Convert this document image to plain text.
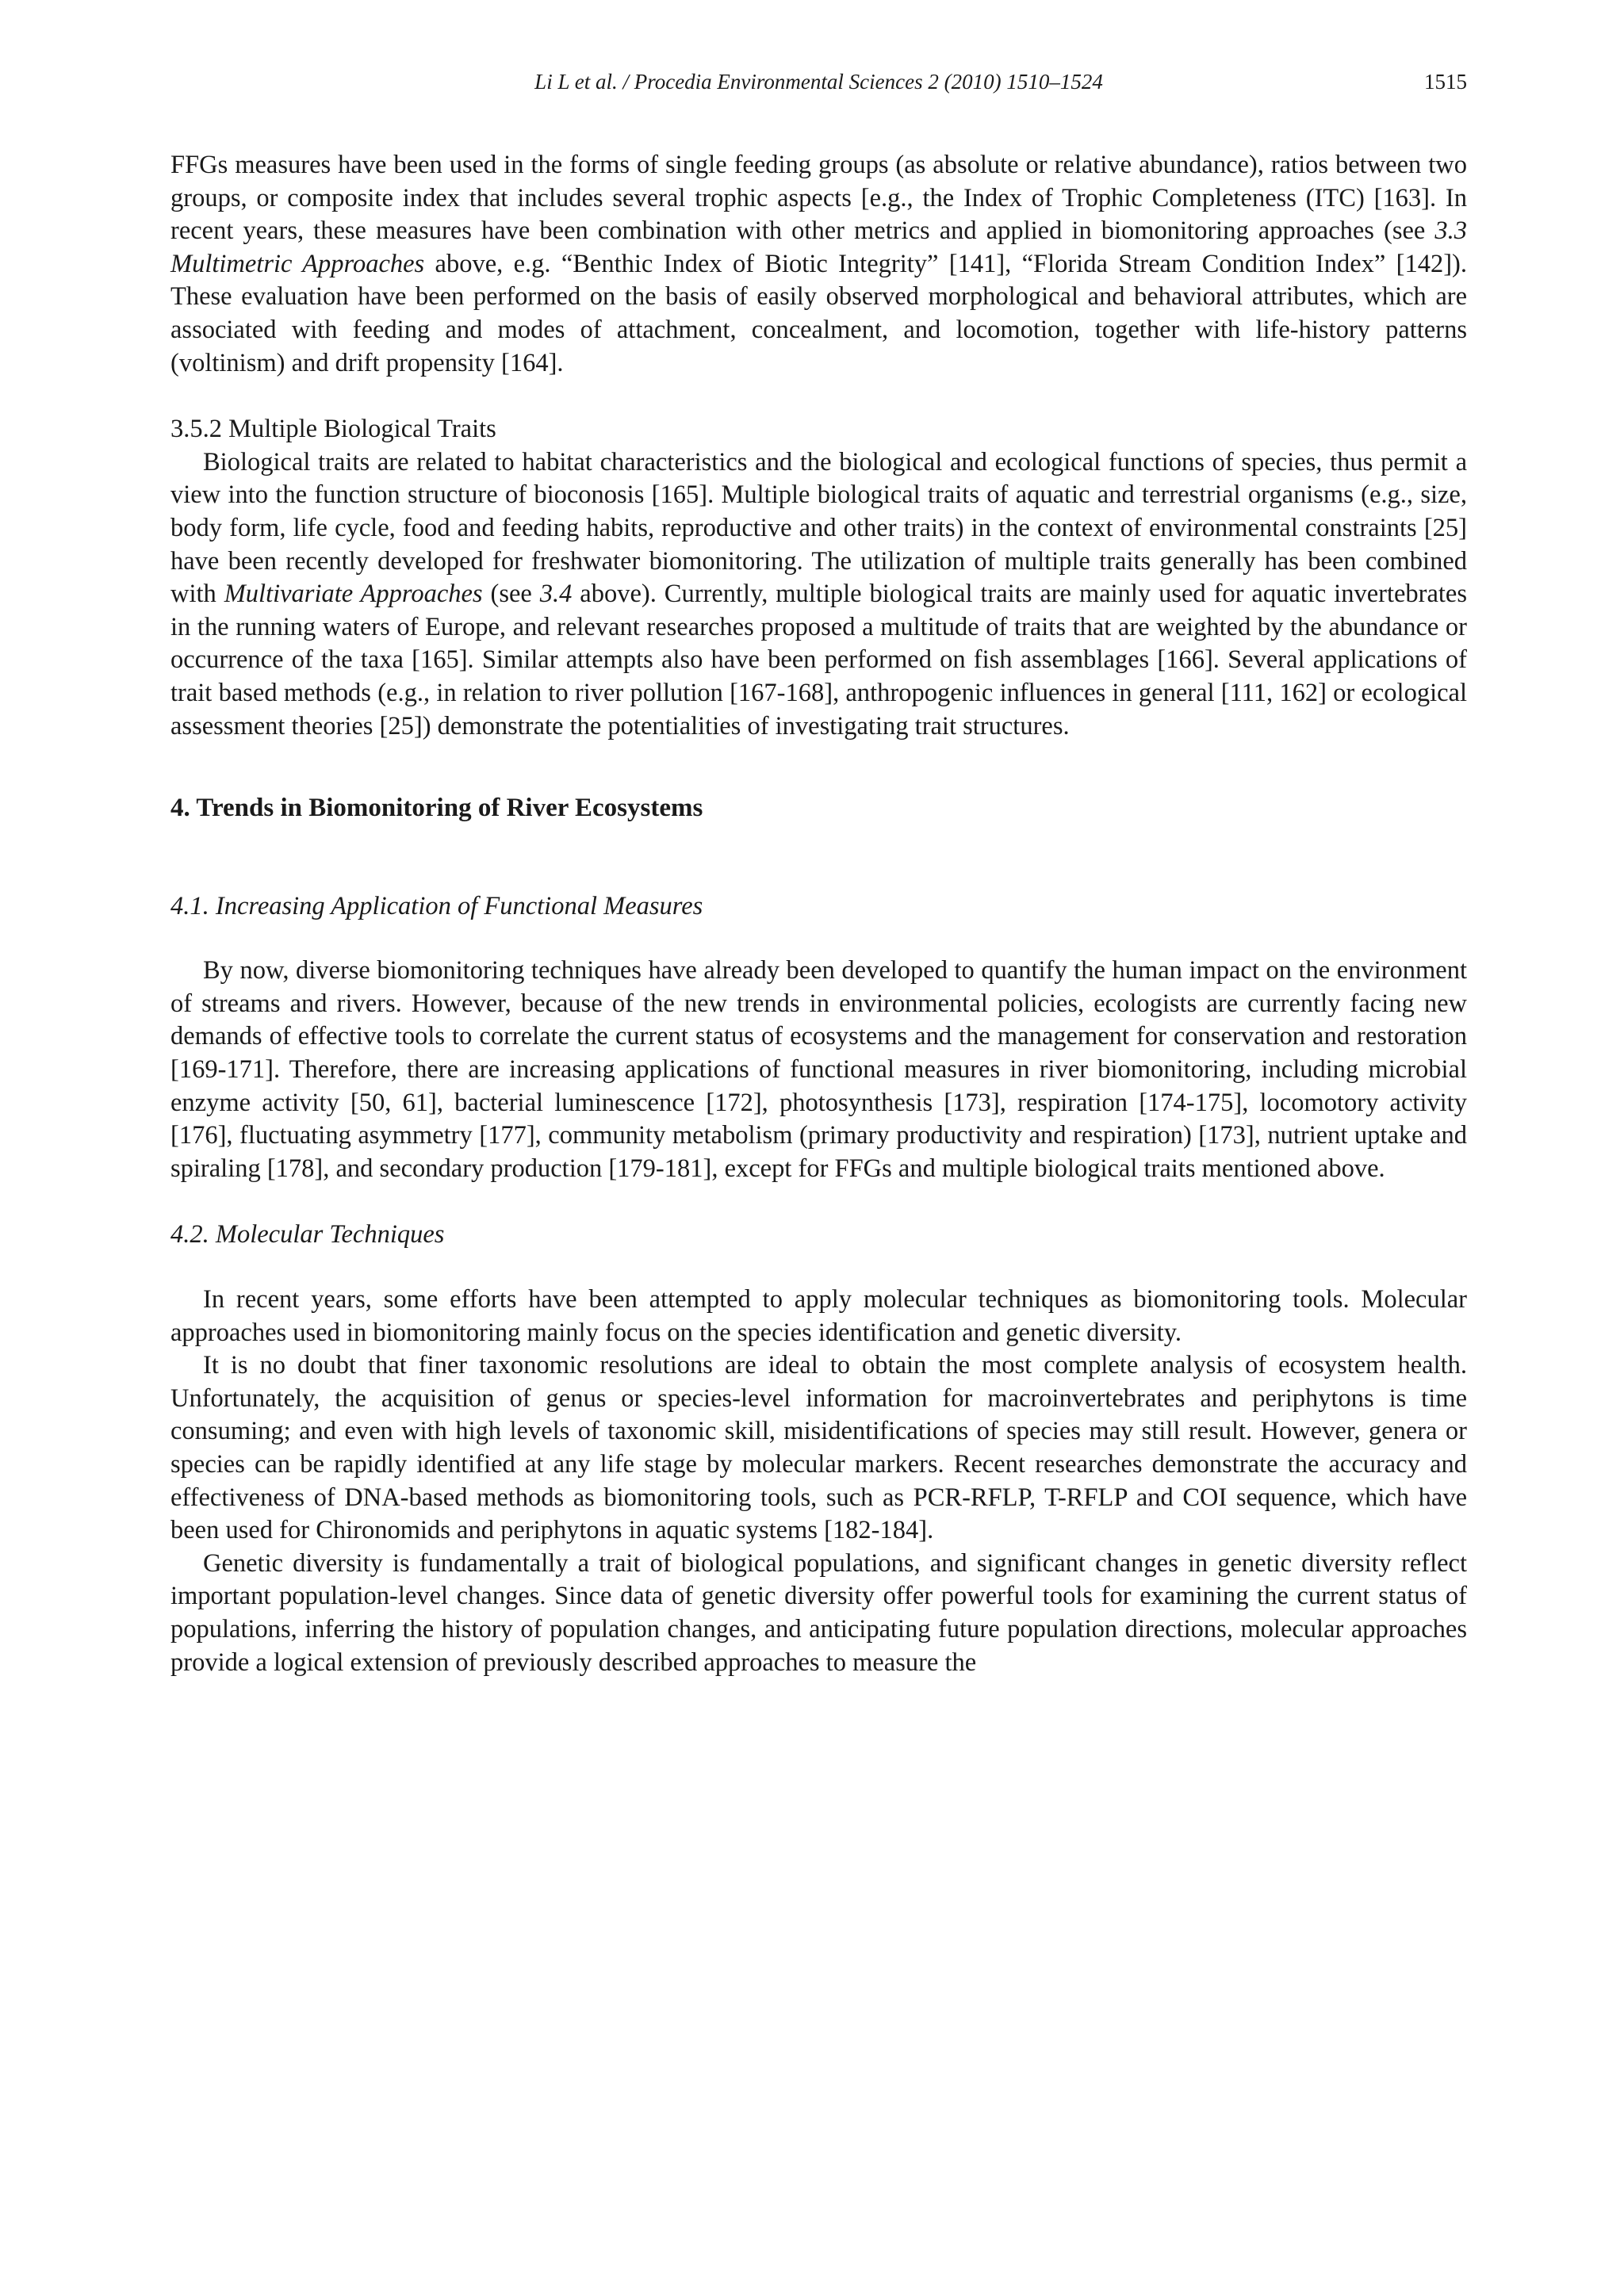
Li L et al. / Procedia Environmental Sciences 2 (2010) 1510–1524	1515

FFGs measures have been used in the forms of single feeding groups (as absolute or relative abundance), ratios between two groups, or composite index that includes several trophic aspects [e.g., the Index of Trophic Completeness (ITC) [163]. In recent years, these measures have been combination with other metrics and applied in biomonitoring approaches (see 3.3 Multimetric Approaches above, e.g. “Benthic Index of Biotic Integrity” [141], “Florida Stream Condition Index” [142]). These evaluation have been performed on the basis of easily observed morphological and behavioral attributes, which are associated with feeding and modes of attachment, concealment, and locomotion, together with life-history patterns (voltinism) and drift propensity [164].

3.5.2 Multiple Biological Traits

Biological traits are related to habitat characteristics and the biological and ecological functions of species, thus permit a view into the function structure of bioconosis [165]. Multiple biological traits of aquatic and terrestrial organisms (e.g., size, body form, life cycle, food and feeding habits, reproductive and other traits) in the context of environmental constraints [25] have been recently developed for freshwater biomonitoring. The utilization of multiple traits generally has been combined with Multivariate Approaches (see 3.4 above). Currently, multiple biological traits are mainly used for aquatic invertebrates in the running waters of Europe, and relevant researches proposed a multitude of traits that are weighted by the abundance or occurrence of the taxa [165]. Similar attempts also have been performed on fish assemblages [166]. Several applications of trait based methods (e.g., in relation to river pollution [167-168], anthropogenic influences in general [111, 162] or ecological assessment theories [25]) demonstrate the potentialities of investigating trait structures.

4. Trends in Biomonitoring of River Ecosystems

4.1. Increasing Application of Functional Measures

By now, diverse biomonitoring techniques have already been developed to quantify the human impact on the environment of streams and rivers. However, because of the new trends in environmental policies, ecologists are currently facing new demands of effective tools to correlate the current status of ecosystems and the management for conservation and restoration [169-171]. Therefore, there are increasing applications of functional measures in river biomonitoring, including microbial enzyme activity [50, 61], bacterial luminescence [172], photosynthesis [173], respiration [174-175], locomotory activity [176], fluctuating asymmetry [177], community metabolism (primary productivity and respiration) [173], nutrient uptake and spiraling [178], and secondary production [179-181], except for FFGs and multiple biological traits mentioned above.

4.2. Molecular Techniques

In recent years, some efforts have been attempted to apply molecular techniques as biomonitoring tools. Molecular approaches used in biomonitoring mainly focus on the species identification and genetic diversity.

It is no doubt that finer taxonomic resolutions are ideal to obtain the most complete analysis of ecosystem health. Unfortunately, the acquisition of genus or species-level information for macroinvertebrates and periphytons is time consuming; and even with high levels of taxonomic skill, misidentifications of species may still result. However, genera or species can be rapidly identified at any life stage by molecular markers. Recent researches demonstrate the accuracy and effectiveness of DNA-based methods as biomonitoring tools, such as PCR-RFLP, T-RFLP and COI sequence, which have been used for Chironomids and periphytons in aquatic systems [182-184].

Genetic diversity is fundamentally a trait of biological populations, and significant changes in genetic diversity reflect important population-level changes. Since data of genetic diversity offer powerful tools for examining the current status of populations, inferring the history of population changes, and anticipating future population directions, molecular approaches provide a logical extension of previously described approaches to measure the
